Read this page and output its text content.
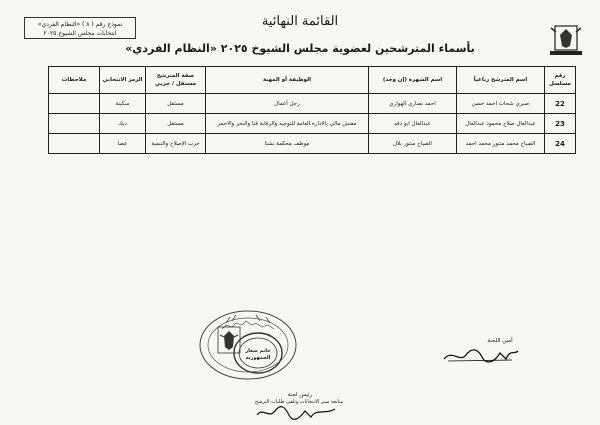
نموذج رقم ( ٨ ) «النظام الفردي»
انتخابات مجلس الشيوخ ٢٠٢٥
القائمة النهائية
بأسماء المترشحين لعضوية مجلس الشيوخ ٢٠٢٥ «النظام الفردي»
رقم مسلسل	اسم المترشح رباعياً	اسم الشهرة (إن وجد)	الوظيفة أو المهنة	صفة المترشح مستقل / حزبي	الرمز الانتخابي	ملاحظات
22	صبري شحات احمد حسن	احمد نصاري الهواري	رجل أعمال	مستقل	سكينة	
23	عبدالعال صلاح محمود عبدالعال	عبدالعال ابو دقه	مفتش مالي بالادارة العامة للتوجيه والرقابة قنا والبحر والاحمر	مستقل	ديك	
24	الصباح محمد منتور محمد احمد	الصباح منتور بلال	موظف محكمة نشنا	حزب الإصلاح والتنمية	عصا	
خاتم شعار
الجمهورية
أمين اللجنة
رئيس لجنة
متابعة سير الانتخابات وتلقي طلبات الترشح
